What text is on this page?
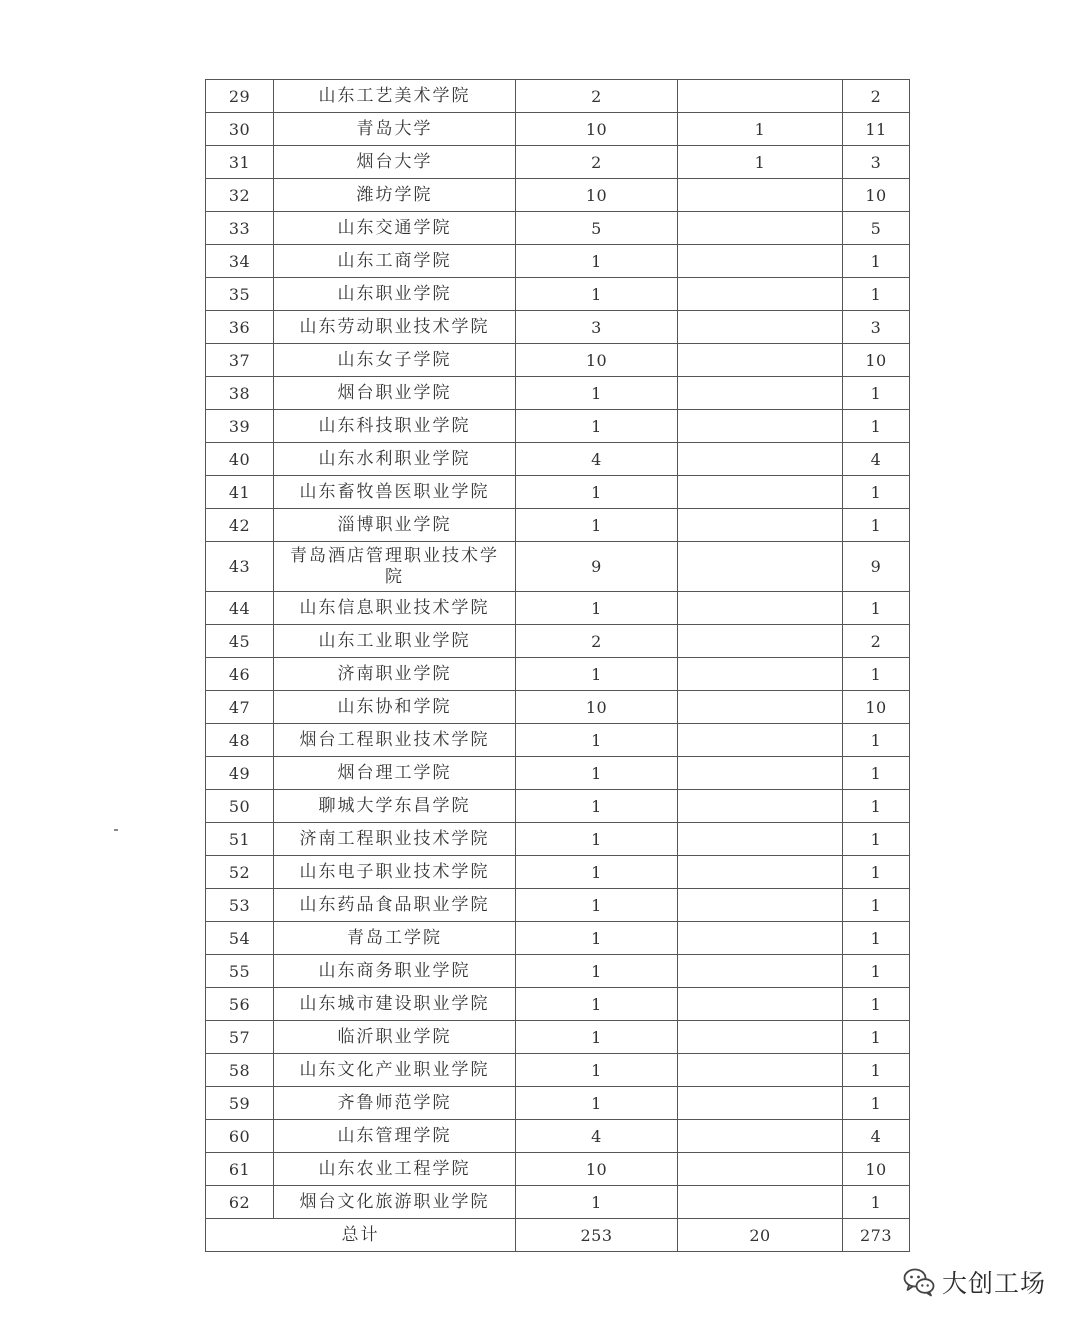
29	山东工艺美术学院	2		2
30	青岛大学	10	1	11
31	烟台大学	2	1	3
32	潍坊学院	10		10
33	山东交通学院	5		5
34	山东工商学院	1		1
35	山东职业学院	1		1
36	山东劳动职业技术学院	3		3
37	山东女子学院	10		10
38	烟台职业学院	1		1
39	山东科技职业学院	1		1
40	山东水利职业学院	4		4
41	山东畜牧兽医职业学院	1		1
42	淄博职业学院	1		1
43	青岛酒店管理职业技术学院	9		9
44	山东信息职业技术学院	1		1
45	山东工业职业学院	2		2
46	济南职业学院	1		1
47	山东协和学院	10		10
48	烟台工程职业技术学院	1		1
49	烟台理工学院	1		1
50	聊城大学东昌学院	1		1
51	济南工程职业技术学院	1		1
52	山东电子职业技术学院	1		1
53	山东药品食品职业学院	1		1
54	青岛工学院	1		1
55	山东商务职业学院	1		1
56	山东城市建设职业学院	1		1
57	临沂职业学院	1		1
58	山东文化产业职业学院	1		1
59	齐鲁师范学院	1		1
60	山东管理学院	4		4
61	山东农业工程学院	10		10
62	烟台文化旅游职业学院	1		1
总计		253	20	273
大创工场
